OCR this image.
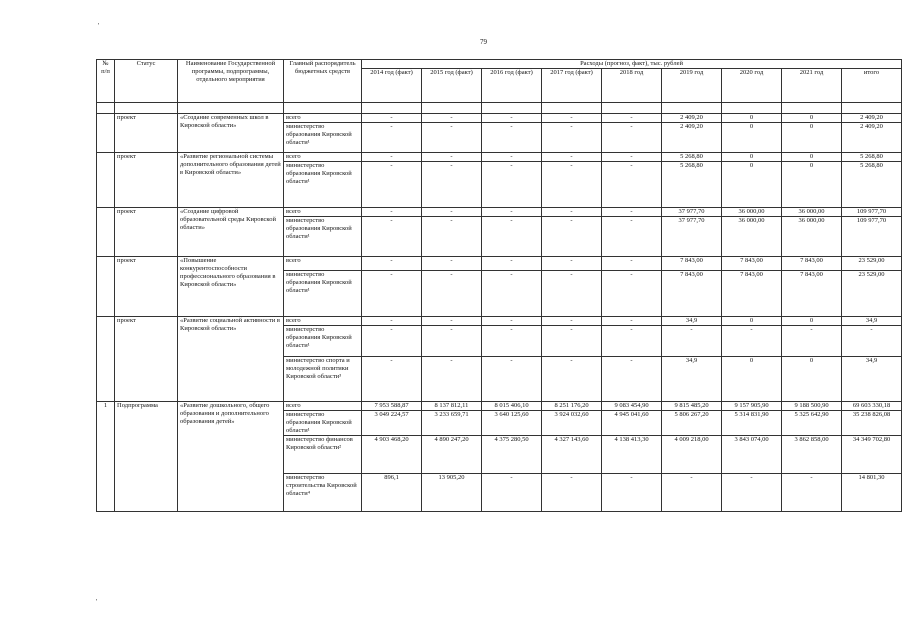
79
'
'
'
№ п/п	Статус	Наименование Государственной программы, подпрограммы, отдельного мероприятия	Главный распорядитель бюджетных средств	Расходы (прогноз, факт), тыс. рублей								
				2014 год (факт)	2015 год (факт)	2016 год (факт)	2017 год (факт)	2018 год	2019 год	2020 год	2021 год	итого

	проект	«Создание современных школ в Кировской области»	всего	-	-	-	-	-	2 409,20	0	0	2 409,20
			министерство образования Кировской области¹	-	-	-	-	-	2 409,20	0	0	2 409,20
	проект	«Развитие региональной системы дополнительного образования детей в Кировской области»	всего	-	-	-	-	-	5 268,80	0	0	5 268,80
			министерство образования Кировской области¹	-	-	-	-	-	5 268,80	0	0	5 268,80
	проект	«Создание цифровой образовательной среды Кировской области»	всего	-	-	-	-	-	37 977,70	36 000,00	36 000,00	109 977,70
			министерство образования Кировской области¹	-	-	-	-	-	37 977,70	36 000,00	36 000,00	109 977,70
	проект	«Повышение конкурентоспособности профессионального образования в Кировской области»	всего	-	-	-	-	-	7 843,00	7 843,00	7 843,00	23 529,00
			министерство образования Кировской области¹	-	-	-	-	-	7 843,00	7 843,00	7 843,00	23 529,00
	проект	«Развитие социальной активности в Кировской области»	всего	-	-	-	-	-	34,9	0	0	34,9
			министерство образования Кировской области¹	-	-	-	-	-	-	-	-	-
			министерство спорта и молодежной политики Кировской области³	-	-	-	-	-	34,9	0	0	34,9
1	Подпрограмма	«Развитие дошкольного, общего образования и дополнительного образования детей»	всего	7 953 588,87	8 137 812,11	8 015 406,10	8 251 176,20	9 083 454,90	9 815 485,20	9 157 905,90	9 188 500,90	69 603 330,18
			министерство образования Кировской области¹	3 049 224,57	3 233 659,71	3 640 125,60	3 924 032,60	4 945 041,60	5 806 267,20	5 314 831,90	5 325 642,90	35 238 826,08
			министерство финансов Кировской области²	4 903 468,20	4 890 247,20	4 375 280,50	4 327 143,60	4 138 413,30	4 009 218,00	3 843 074,00	3 862 858,00	34 349 702,80
			министерство строительства Кировской области⁴	896,1	13 905,20	-	-	-	-	-	-	14 801,30
